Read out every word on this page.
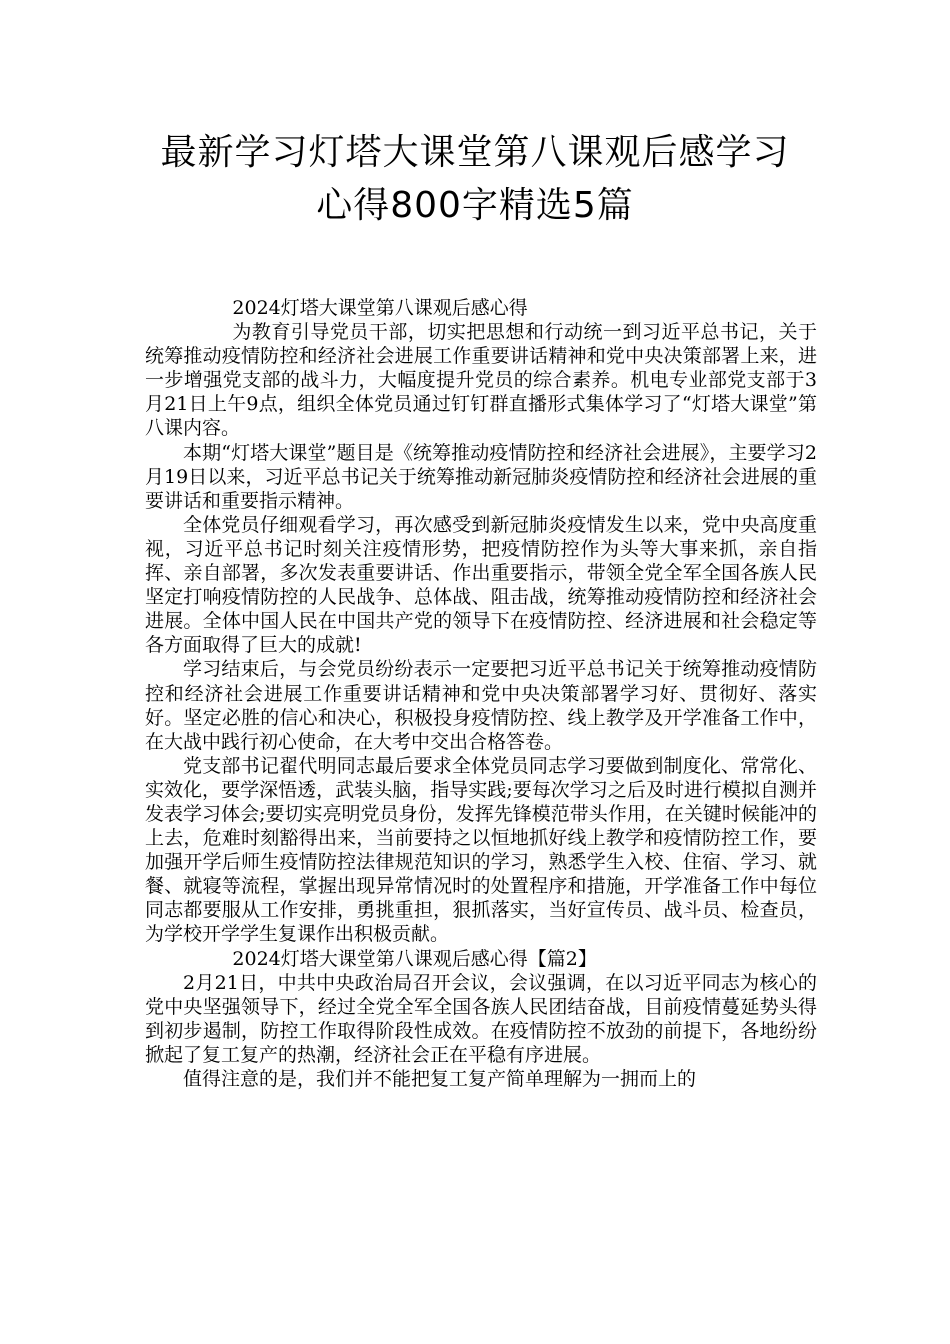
最新学习灯塔大课堂第八课观后感学习
心得800字精选5篇

2024灯塔大课堂第八课观后感心得

为教育引导党员干部，切实把思想和行动统一到习近平总书记，关于统筹推动疫情防控和经济社会进展工作重要讲话精神和党中央决策部署上来，进一步增强党支部的战斗力，大幅度提升党员的综合素养。机电专业部党支部于3月21日上午9点，组织全体党员通过钉钉群直播形式集体学习了“灯塔大课堂”第八课内容。

本期“灯塔大课堂”题目是《统筹推动疫情防控和经济社会进展》，主要学习2月19日以来，习近平总书记关于统筹推动新冠肺炎疫情防控和经济社会进展的重要讲话和重要指示精神。

全体党员仔细观看学习，再次感受到新冠肺炎疫情发生以来，党中央高度重视，习近平总书记时刻关注疫情形势，把疫情防控作为头等大事来抓，亲自指挥、亲自部署，多次发表重要讲话、作出重要指示，带领全党全军全国各族人民坚定打响疫情防控的人民战争、总体战、阻击战，统筹推动疫情防控和经济社会进展。全体中国人民在中国共产党的领导下在疫情防控、经济进展和社会稳定等各方面取得了巨大的成就!

学习结束后，与会党员纷纷表示一定要把习近平总书记关于统筹推动疫情防控和经济社会进展工作重要讲话精神和党中央决策部署学习好、贯彻好、落实好。坚定必胜的信心和决心，积极投身疫情防控、线上教学及开学准备工作中，在大战中践行初心使命，在大考中交出合格答卷。

党支部书记翟代明同志最后要求全体党员同志学习要做到制度化、常常化、实效化，要学深悟透，武装头脑，指导实践;要每次学习之后及时进行模拟自测并发表学习体会;要切实亮明党员身份，发挥先锋模范带头作用，在关键时候能冲的上去，危难时刻豁得出来，当前要持之以恒地抓好线上教学和疫情防控工作，要加强开学后师生疫情防控法律规范知识的学习，熟悉学生入校、住宿、学习、就餐、就寝等流程，掌握出现异常情况时的处置程序和措施，开学准备工作中每位同志都要服从工作安排，勇挑重担，狠抓落实，当好宣传员、战斗员、检查员，为学校开学学生复课作出积极贡献。

2024灯塔大课堂第八课观后感心得【篇2】

2月21日，中共中央政治局召开会议，会议强调，在以习近平同志为核心的党中央坚强领导下，经过全党全军全国各族人民团结奋战，目前疫情蔓延势头得到初步遏制，防控工作取得阶段性成效。在疫情防控不放劲的前提下，各地纷纷掀起了复工复产的热潮，经济社会正在平稳有序进展。

值得注意的是，我们并不能把复工复产简单理解为一拥而上的
